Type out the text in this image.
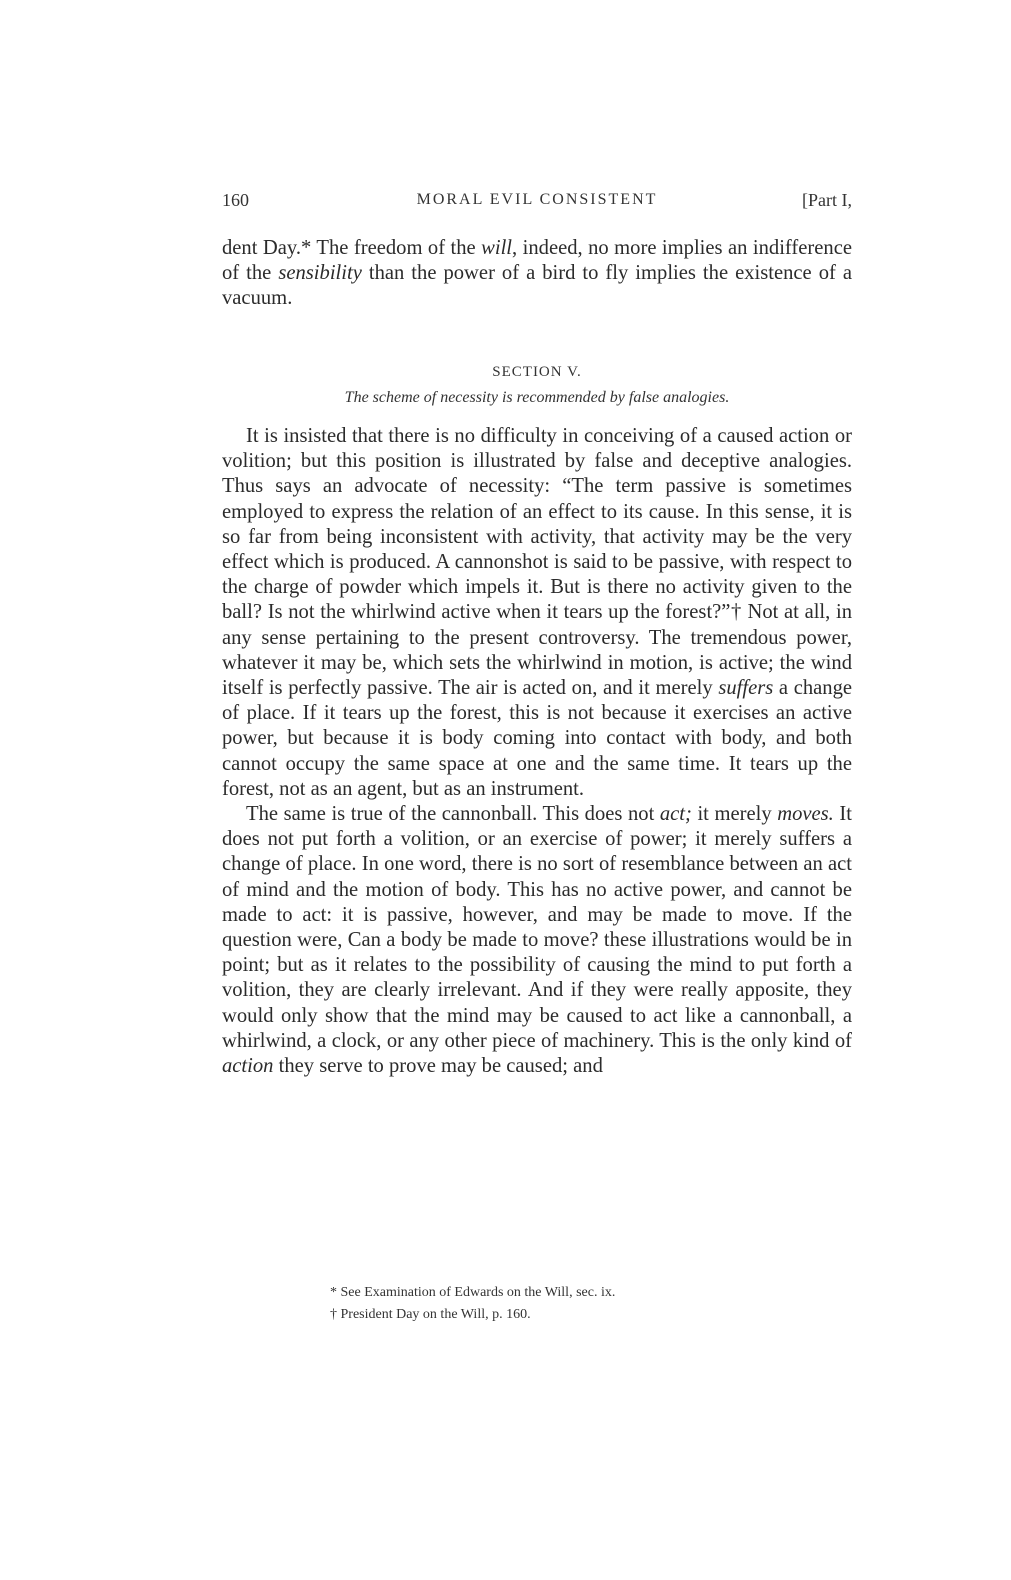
160	MORAL EVIL CONSISTENT	[Part I,

dent Day.* The freedom of the will, indeed, no more implies an indifference of the sensibility than the power of a bird to fly implies the existence of a vacuum.

SECTION V.
The scheme of necessity is recommended by false analogies.

It is insisted that there is no difficulty in conceiving of a caused action or volition; but this position is illustrated by false and deceptive analogies. Thus says an advocate of necessity: “The term passive is sometimes employed to express the relation of an effect to its cause. In this sense, it is so far from being inconsistent with activity, that activity may be the very effect which is produced. A cannonshot is said to be passive, with respect to the charge of powder which impels it. But is there no activity given to the ball? Is not the whirlwind active when it tears up the forest?”† Not at all, in any sense pertaining to the present controversy. The tremendous power, whatever it may be, which sets the whirlwind in motion, is active; the wind itself is perfectly passive. The air is acted on, and it merely suffers a change of place. If it tears up the forest, this is not because it exercises an active power, but because it is body coming into contact with body, and both cannot occupy the same space at one and the same time. It tears up the forest, not as an agent, but as an instrument.

The same is true of the cannonball. This does not act; it merely moves. It does not put forth a volition, or an exercise of power; it merely suffers a change of place. In one word, there is no sort of resemblance between an act of mind and the motion of body. This has no active power, and cannot be made to act: it is passive, however, and may be made to move. If the question were, Can a body be made to move? these illustrations would be in point; but as it relates to the possibility of causing the mind to put forth a volition, they are clearly irrelevant. And if they were really apposite, they would only show that the mind may be caused to act like a cannonball, a whirlwind, a clock, or any other piece of machinery. This is the only kind of action they serve to prove may be caused; and

* See Examination of Edwards on the Will, sec. ix.

† President Day on the Will, p. 160.
